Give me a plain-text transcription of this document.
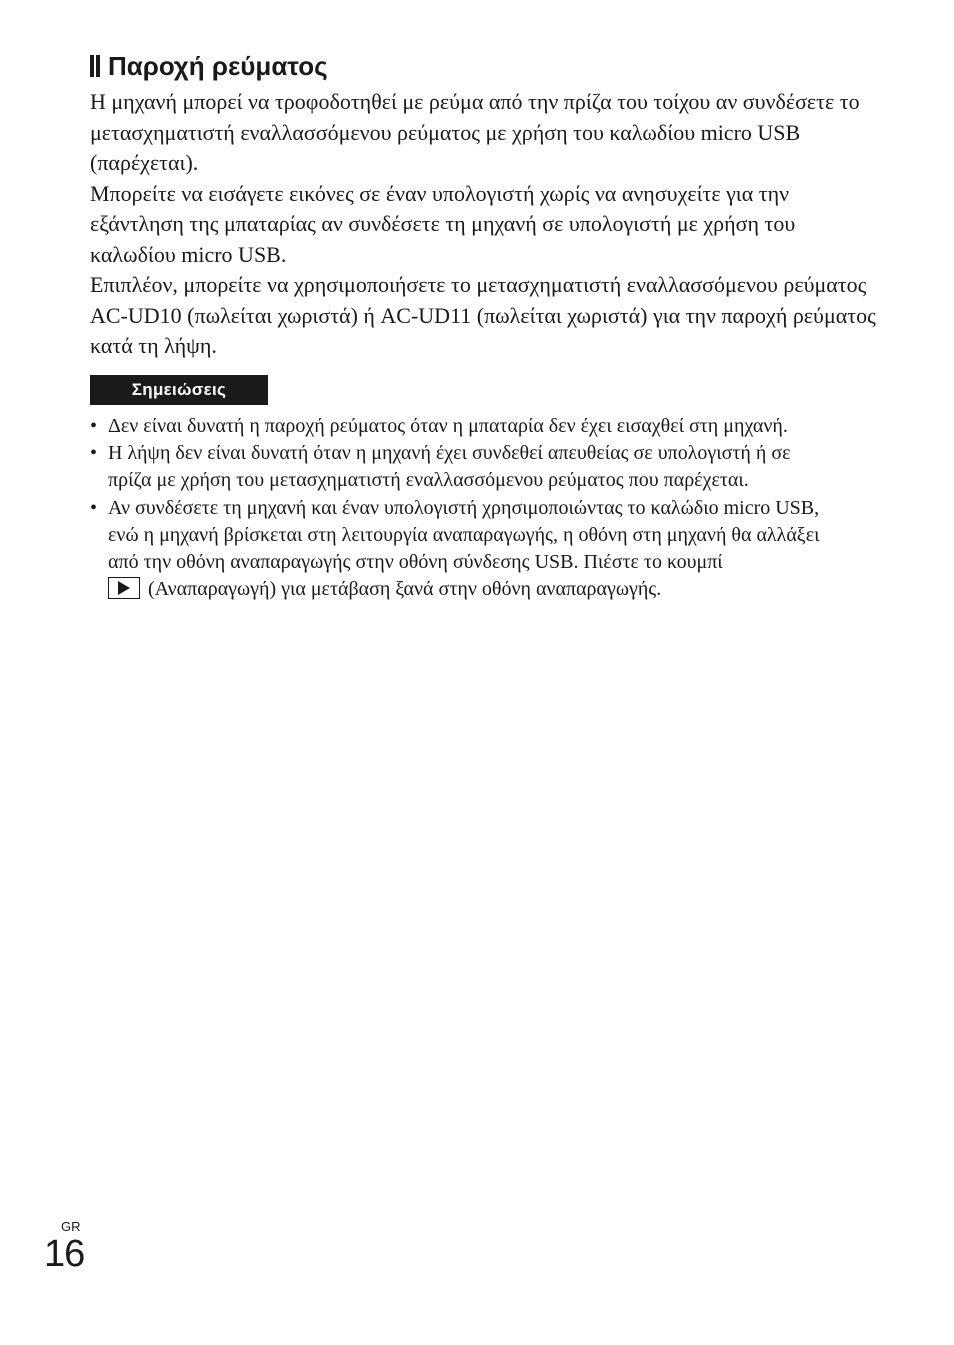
Παροχή ρεύματος

Η μηχανή μπορεί να τροφοδοτηθεί με ρεύμα από την πρίζα του τοίχου αν συνδέσετε το μετασχηματιστή εναλλασσόμενου ρεύματος με χρήση του καλωδίου micro USB (παρέχεται).

Μπορείτε να εισάγετε εικόνες σε έναν υπολογιστή χωρίς να ανησυχείτε για την εξάντληση της μπαταρίας αν συνδέσετε τη μηχανή σε υπολογιστή με χρήση του καλωδίου micro USB.

Επιπλέον, μπορείτε να χρησιμοποιήσετε το μετασχηματιστή εναλλασσόμενου ρεύματος AC-UD10 (πωλείται χωριστά) ή AC-UD11 (πωλείται χωριστά) για την παροχή ρεύματος κατά τη λήψη.

Σημειώσεις
• Δεν είναι δυνατή η παροχή ρεύματος όταν η μπαταρία δεν έχει εισαχθεί στη μηχανή.
• Η λήψη δεν είναι δυνατή όταν η μηχανή έχει συνδεθεί απευθείας σε υπολογιστή ή σε πρίζα με χρήση του μετασχηματιστή εναλλασσόμενου ρεύματος που παρέχεται.
• Αν συνδέσετε τη μηχανή και έναν υπολογιστή χρησιμοποιώντας το καλώδιο micro USB, ενώ η μηχανή βρίσκεται στη λειτουργία αναπαραγωγής, η οθόνη στη μηχανή θα αλλάξει από την οθόνη αναπαραγωγής στην οθόνη σύνδεσης USB. Πιέστε το κουμπί
(Αναπαραγωγή) για μετάβαση ξανά στην οθόνη αναπαραγωγής.
GR
16
